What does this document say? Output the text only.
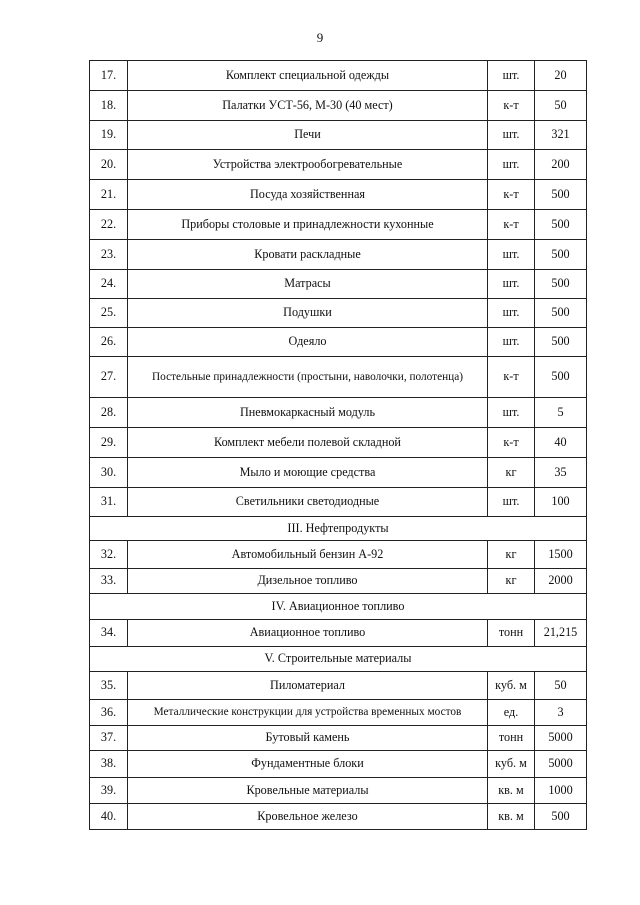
9
17.	Комплект специальной одежды	шт.	20
18.	Палатки УСТ-56, М-30 (40 мест)	к-т	50
19.	Печи	шт.	321
20.	Устройства электрообогревательные	шт.	200
21.	Посуда хозяйственная	к-т	500
22.	Приборы столовые и принадлежности кухонные	к-т	500
23.	Кровати раскладные	шт.	500
24.	Матрасы	шт.	500
25.	Подушки	шт.	500
26.	Одеяло	шт.	500
27.	Постельные принадлежности (простыни, наволочки, полотенца)	к-т	500
28.	Пневмокаркасный модуль	шт.	5
29.	Комплект мебели полевой складной	к-т	40
30.	Мыло и моющие средства	кг	35
31.	Светильники светодиодные	шт.	100
III. Нефтепродукты			
32.	Автомобильный бензин А-92	кг	1500
33.	Дизельное топливо	кг	2000
IV. Авиационное топливо			
34.	Авиационное топливо	тонн	21,215
V. Строительные материалы			
35.	Пиломатериал	куб. м	50
36.	Металлические конструкции для устройства временных мостов	ед.	3
37.	Бутовый камень	тонн	5000
38.	Фундаментные блоки	куб. м	5000
39.	Кровельные материалы	кв. м	1000
40.	Кровельное железо	кв. м	500
